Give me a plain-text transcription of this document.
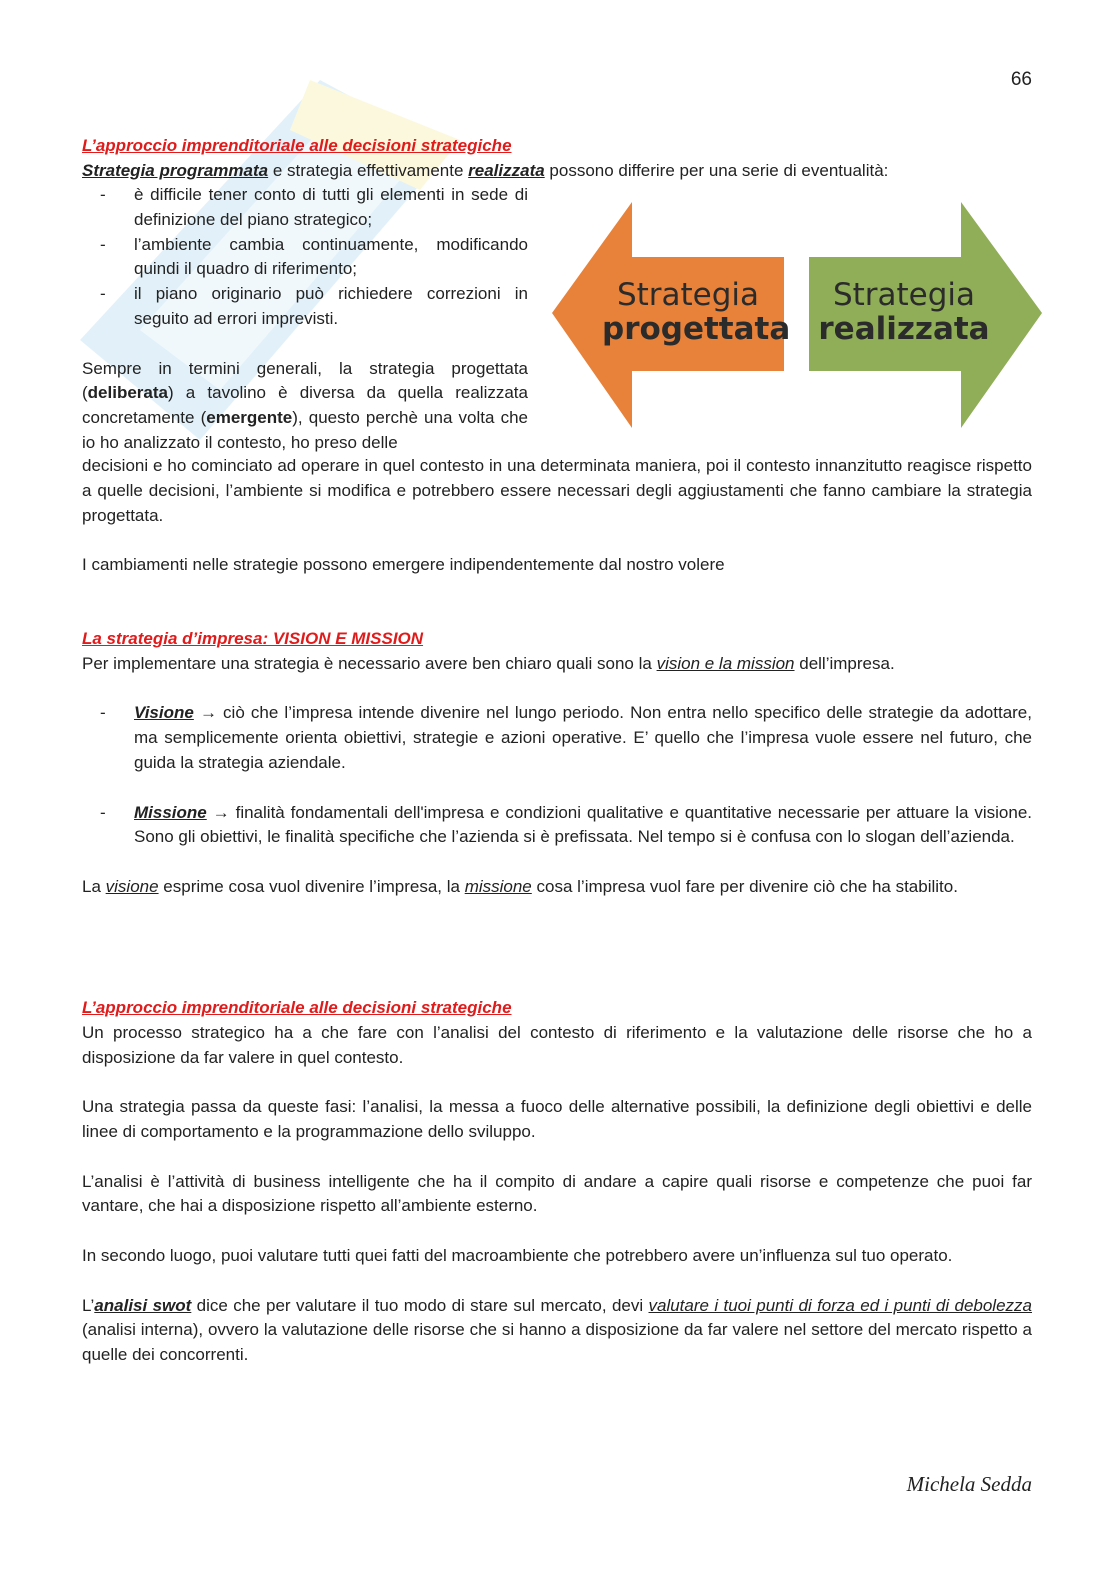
66
L’approccio imprenditoriale alle decisioni strategiche

Strategia programmata e strategia effettivamente realizzata possono differire per una serie di eventualità:

- è difficile tener conto di tutti gli elementi in sede di definizione del piano strategico;
- l’ambiente cambia continuamente, modificando quindi il quadro di riferimento;
- il piano originario può richiedere correzioni in seguito ad errori imprevisti.

Sempre in termini generali, la strategia progettata (deliberata) a tavolino è diversa da quella realizzata concretamente (emergente), questo perchè una volta che io ho analizzato il contesto, ho preso delle

decisioni e ho cominciato ad operare in quel contesto in una determinata maniera, poi il contesto innanzitutto reagisce rispetto a quelle decisioni, l’ambiente si modifica e potrebbero essere necessari degli aggiustamenti che fanno cambiare la strategia progettata.

I cambiamenti nelle strategie possono emergere indipendentemente dal nostro volere

Strategia
progettata
Strategia
realizzata
La strategia d’impresa: VISION E MISSION

Per implementare una strategia è necessario avere ben chiaro quali sono la vision e la mission dell’impresa.

- Visione → ciò che l’impresa intende divenire nel lungo periodo. Non entra nello specifico delle strategie da adottare, ma semplicemente orienta obiettivi, strategie e azioni operative. E’ quello che l’impresa vuole essere nel futuro, che guida la strategia aziendale.
- Missione → finalità fondamentali dell'impresa e condizioni qualitative e quantitative necessarie per attuare la visione. Sono gli obiettivi, le finalità specifiche che l’azienda si è prefissata. Nel tempo si è confusa con lo slogan dell’azienda.

La visione esprime cosa vuol divenire l’impresa, la missione cosa l’impresa vuol fare per divenire ciò che ha stabilito.

L’approccio imprenditoriale alle decisioni strategiche

Un processo strategico ha a che fare con l’analisi del contesto di riferimento e la valutazione delle risorse che ho a disposizione da far valere in quel contesto.

Una strategia passa da queste fasi: l’analisi, la messa a fuoco delle alternative possibili, la definizione degli obiettivi e delle linee di comportamento e la programmazione dello sviluppo.

L’analisi è l’attività di business intelligente che ha il compito di andare a capire quali risorse e competenze che puoi far vantare, che hai a disposizione rispetto all’ambiente esterno.

In secondo luogo, puoi valutare tutti quei fatti del macroambiente che potrebbero avere un’influenza sul tuo operato.

L’analisi swot dice che per valutare il tuo modo di stare sul mercato, devi valutare i tuoi punti di forza ed i punti di debolezza (analisi interna), ovvero la valutazione delle risorse che si hanno a disposizione da far valere nel settore del mercato rispetto a quelle dei concorrenti.

Michela Sedda
